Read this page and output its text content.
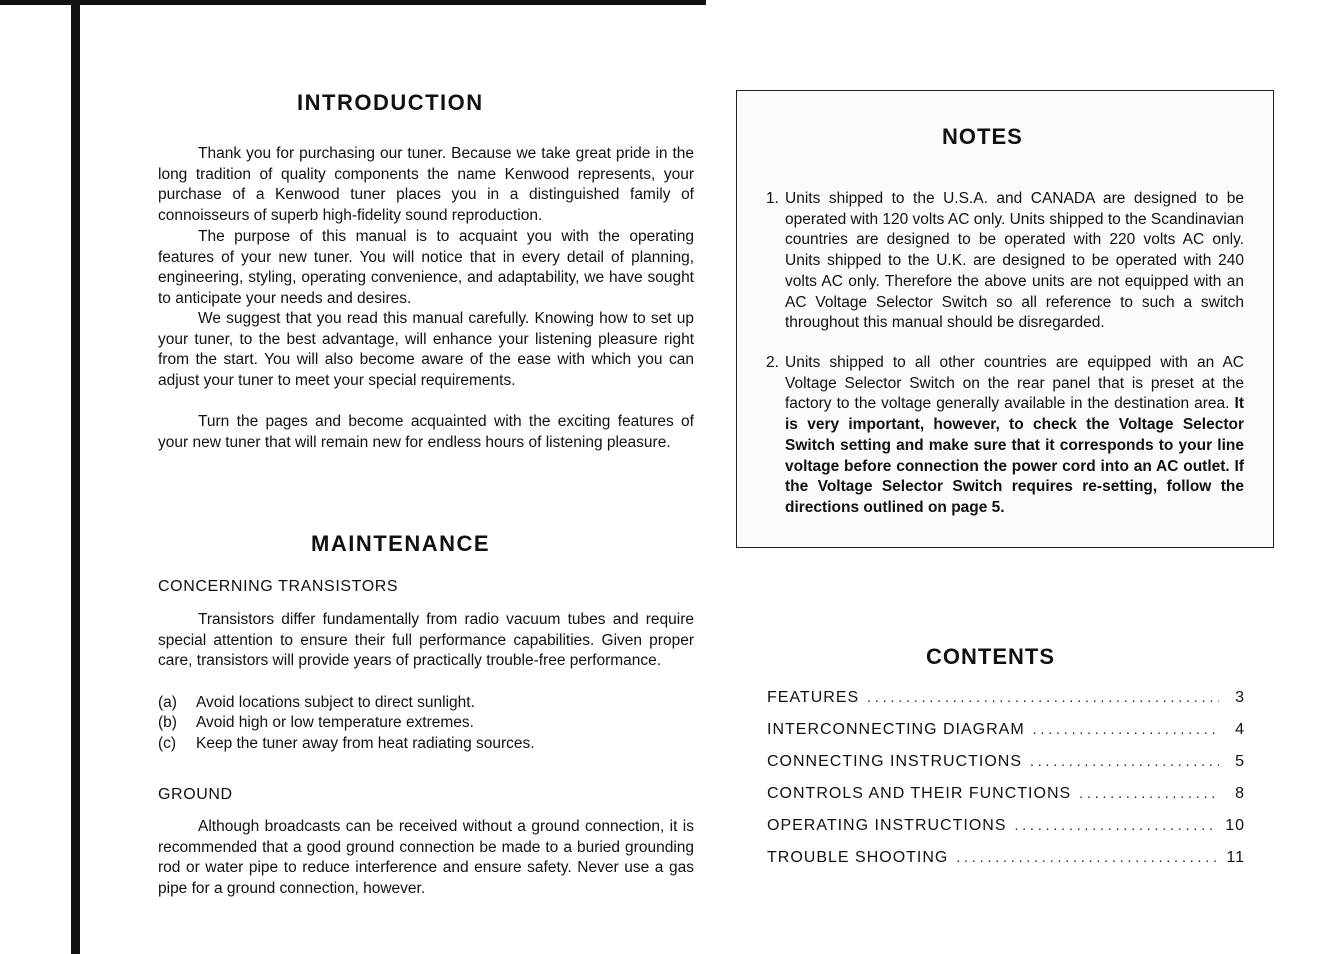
INTRODUCTION

Thank you for purchasing our tuner. Because we take great pride in the long tradition of quality components the name Kenwood represents, your purchase of a Kenwood tuner places you in a distinguished family of connoisseurs of superb high-fidelity sound reproduction.

The purpose of this manual is to acquaint you with the operating features of your new tuner. You will notice that in every detail of planning, engineering, styling, operating convenience, and adaptability, we have sought to anticipate your needs and desires.

We suggest that you read this manual carefully. Knowing how to set up your tuner, to the best advantage, will enhance your listening pleasure right from the start. You will also become aware of the ease with which you can adjust your tuner to meet your special requirements.

Turn the pages and become acquainted with the exciting features of your new tuner that will remain new for endless hours of listening pleasure.

MAINTENANCE
CONCERNING TRANSISTORS

Transistors differ fundamentally from radio vacuum tubes and require special attention to ensure their full performance capabilities. Given proper care, transistors will provide years of practically trouble-free performance.

(a) Avoid locations subject to direct sunlight.
(b) Avoid high or low temperature extremes.
(c) Keep the tuner away from heat radiating sources.
GROUND

Although broadcasts can be received without a ground connection, it is recommended that a good ground connection be made to a buried grounding rod or water pipe to reduce interference and ensure safety. Never use a gas pipe for a ground connection, however.

NOTES
1. Units shipped to the U.S.A. and CANADA are designed to be operated with 120 volts AC only. Units shipped to the Scandinavian countries are designed to be operated with 220 volts AC only. Units shipped to the U.K. are designed to be operated with 240 volts AC only. Therefore the above units are not equipped with an AC Voltage Selector Switch so all reference to such a switch throughout this manual should be disregarded.
2. Units shipped to all other countries are equipped with an AC Voltage Selector Switch on the rear panel that is preset at the factory to the voltage generally available in the destination area. It is very important, however, to check the Voltage Selector Switch setting and make sure that it corresponds to your line voltage before connection the power cord into an AC outlet. If the Voltage Selector Switch requires re-setting, follow the directions outlined on page 5.
CONTENTS
FEATURES . . .	3
INTERCONNECTING DIAGRAM . . .	4
CONNECTING INSTRUCTIONS . . .	5
CONTROLS AND THEIR FUNCTIONS . . .	8
OPERATING INSTRUCTIONS . . .	10
TROUBLE SHOOTING . . .	11
